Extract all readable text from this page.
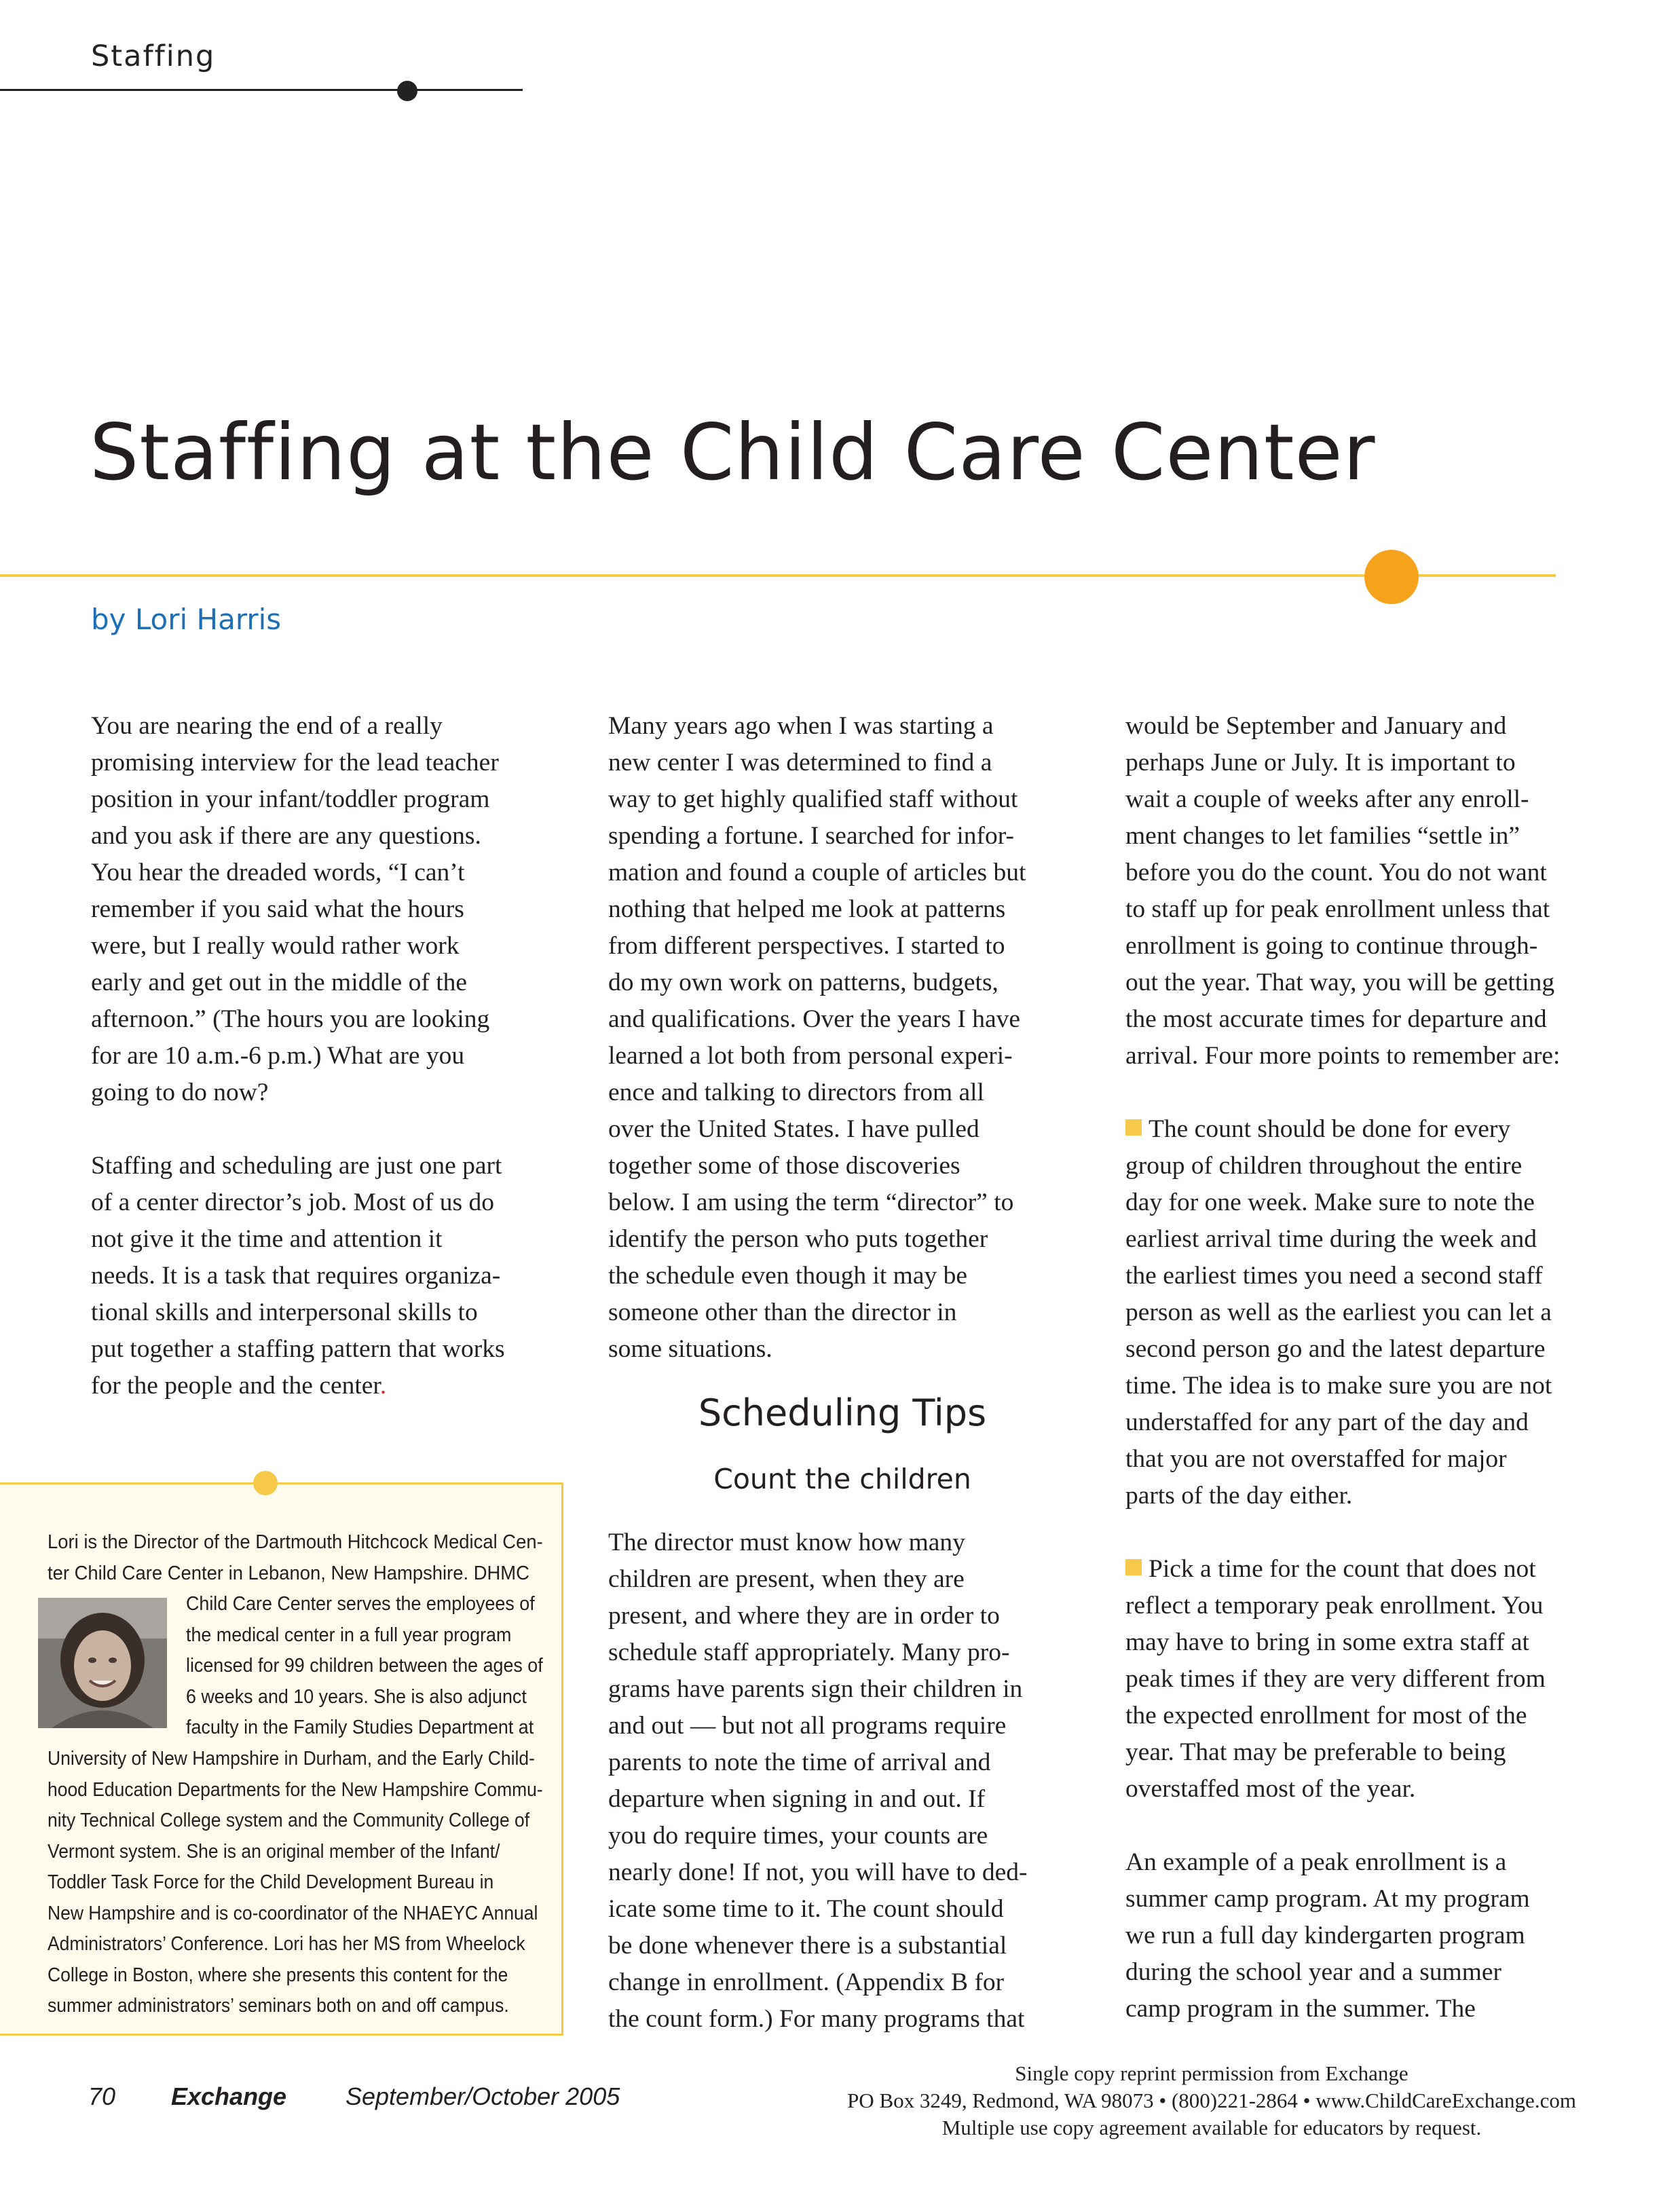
Staffing
Staffing at the Child Care Center
by Lori Harris

You are nearing the end of a really

promising interview for the lead teacher

position in your infant/toddler program

and you ask if there are any questions.

You hear the dreaded words, “I can’t

remember if you said what the hours

were, but I really would rather work

early and get out in the middle of the

afternoon.” (The hours you are looking

for are 10 a.m.-6 p.m.) What are you

going to do now?

Staffing and scheduling are just one part

of a center director’s job. Most of us do

not give it the time and attention it

needs. It is a task that requires organiza-

tional skills and interpersonal skills to

put together a staffing pattern that works

for the people and the center.

Lori is the Director of the Dartmouth Hitchcock Medical Cen-

ter Child Care Center in Lebanon, New Hampshire. DHMC

Child Care Center serves the employees of

the medical center in a full year program

licensed for 99 children between the ages of

6 weeks and 10 years. She is also adjunct

faculty in the Family Studies Department at

University of New Hampshire in Durham, and the Early Child-

hood Education Departments for the New Hampshire Commu-

nity Technical College system and the Community College of

Vermont system. She is an original member of the Infant/

Toddler Task Force for the Child Development Bureau in

New Hampshire and is co-coordinator of the NHAEYC Annual

Administrators’ Conference. Lori has her MS from Wheelock

College in Boston, where she presents this content for the

summer administrators’ seminars both on and off campus.

Many years ago when I was starting a

new center I was determined to find a

way to get highly qualified staff without

spending a fortune. I searched for infor-

mation and found a couple of articles but

nothing that helped me look at patterns

from different perspectives. I started to

do my own work on patterns, budgets,

and qualifications. Over the years I have

learned a lot both from personal experi-

ence and talking to directors from all

over the United States. I have pulled

together some of those discoveries

below. I am using the term “director” to

identify the person who puts together

the schedule even though it may be

someone other than the director in

some situations.

Scheduling Tips
Count the children

The director must know how many

children are present, when they are

present, and where they are in order to

schedule staff appropriately. Many pro-

grams have parents sign their children in

and out — but not all programs require

parents to note the time of arrival and

departure when signing in and out. If

you do require times, your counts are

nearly done! If not, you will have to ded-

icate some time to it. The count should

be done whenever there is a substantial

change in enrollment. (Appendix B for

the count form.) For many programs that

would be September and January and

perhaps June or July. It is important to

wait a couple of weeks after any enroll-

ment changes to let families “settle in”

before you do the count. You do not want

to staff up for peak enrollment unless that

enrollment is going to continue through-

out the year. That way, you will be getting

the most accurate times for departure and

arrival. Four more points to remember are:

The count should be done for every

group of children throughout the entire

day for one week. Make sure to note the

earliest arrival time during the week and

the earliest times you need a second staff

person as well as the earliest you can let a

second person go and the latest departure

time. The idea is to make sure you are not

understaffed for any part of the day and

that you are not overstaffed for major

parts of the day either.

Pick a time for the count that does not

reflect a temporary peak enrollment. You

may have to bring in some extra staff at

peak times if they are very different from

the expected enrollment for most of the

year. That may be preferable to being

overstaffed most of the year.

An example of a peak enrollment is a

summer camp program. At my program

we run a full day kindergarten program

during the school year and a summer

camp program in the summer. The

70 Exchange September/October 2005

Single copy reprint permission from Exchange

PO Box 3249, Redmond, WA 98073 • (800)221-2864 • www.ChildCareExchange.com

Multiple use copy agreement available for educators by request.
